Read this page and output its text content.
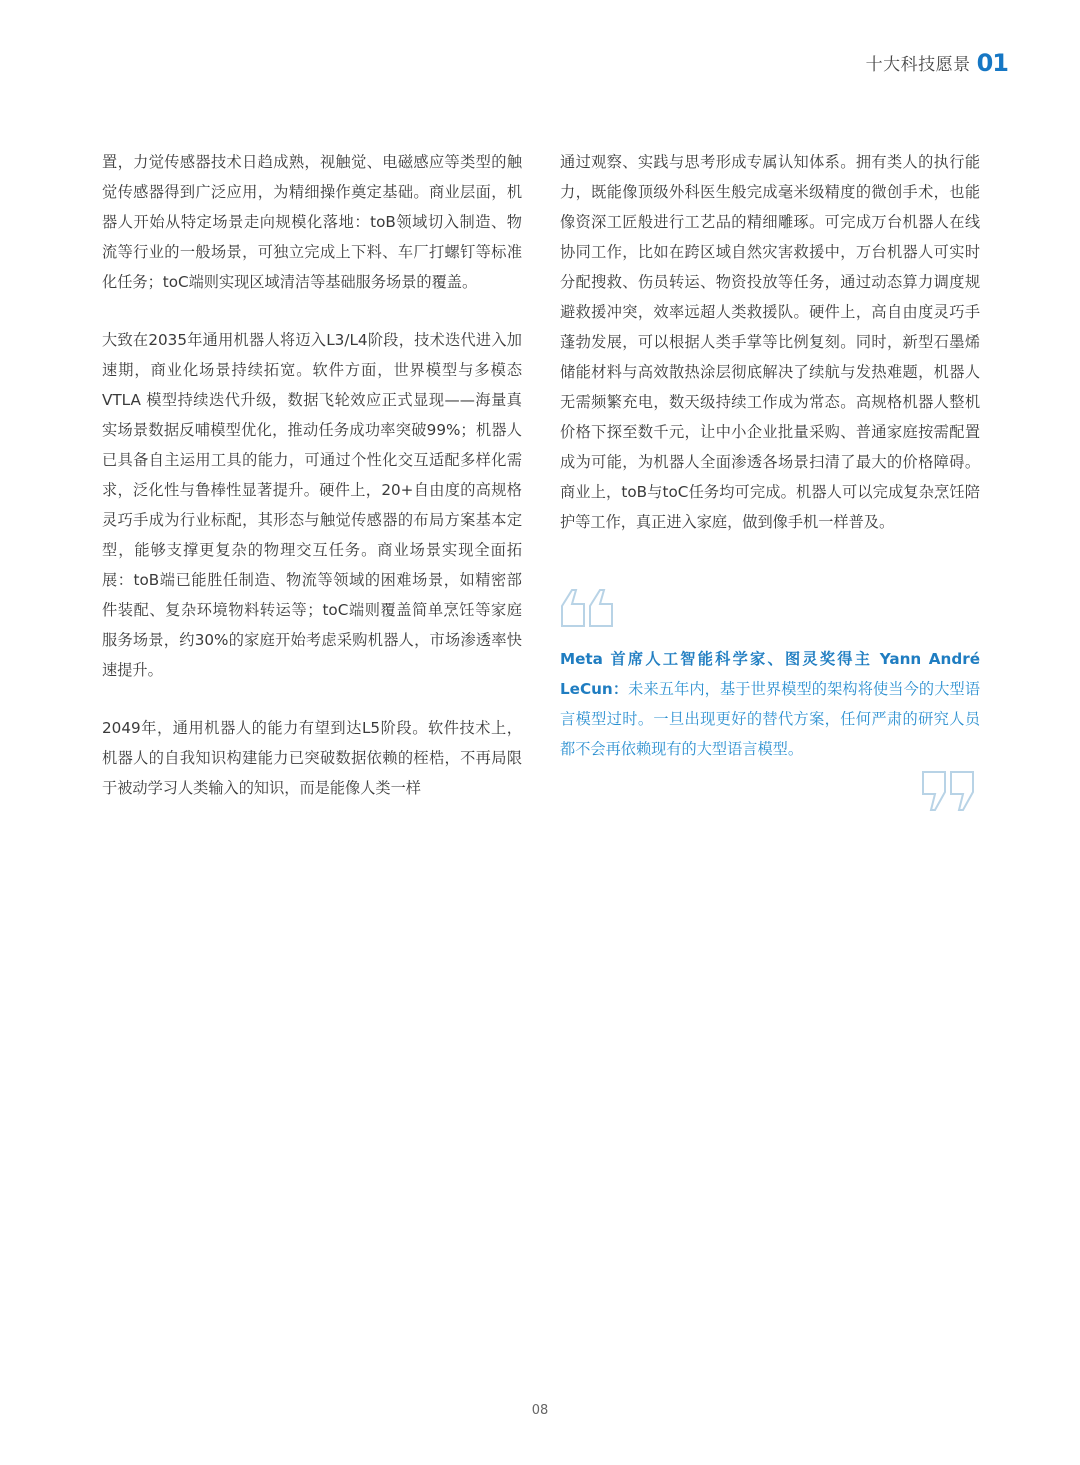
十大科技愿景 01

置，力觉传感器技术日趋成熟，视触觉、电磁感应等类型的触觉传感器得到广泛应用，为精细操作奠定基础。商业层面，机器人开始从特定场景走向规模化落地：toB领域切入制造、物流等行业的一般场景，可独立完成上下料、车厂打螺钉等标准化任务；toC端则实现区域清洁等基础服务场景的覆盖。

大致在2035年通用机器人将迈入L3/L4阶段，技术迭代进入加速期，商业化场景持续拓宽。软件方面，世界模型与多模态 VTLA 模型持续迭代升级，数据飞轮效应正式显现——海量真实场景数据反哺模型优化，推动任务成功率突破99%；机器人已具备自主运用工具的能力，可通过个性化交互适配多样化需求，泛化性与鲁棒性显著提升。硬件上，20+自由度的高规格灵巧手成为行业标配，其形态与触觉传感器的布局方案基本定型，能够支撑更复杂的物理交互任务。商业场景实现全面拓展：toB端已能胜任制造、物流等领域的困难场景，如精密部件装配、复杂环境物料转运等；toC端则覆盖简单烹饪等家庭服务场景，约30%的家庭开始考虑采购机器人，市场渗透率快速提升。

2049年，通用机器人的能力有望到达L5阶段。软件技术上，机器人的自我知识构建能力已突破数据依赖的桎梏，不再局限于被动学习人类输入的知识，而是能像人类一样

通过观察、实践与思考形成专属认知体系。拥有类人的执行能力，既能像顶级外科医生般完成毫米级精度的微创手术，也能像资深工匠般进行工艺品的精细雕琢。可完成万台机器人在线协同工作，比如在跨区域自然灾害救援中，万台机器人可实时分配搜救、伤员转运、物资投放等任务，通过动态算力调度规避救援冲突，效率远超人类救援队。硬件上，高自由度灵巧手蓬勃发展，可以根据人类手掌等比例复刻。同时，新型石墨烯储能材料与高效散热涂层彻底解决了续航与发热难题，机器人无需频繁充电，数天级持续工作成为常态。高规格机器人整机价格下探至数千元，让中小企业批量采购、普通家庭按需配置成为可能，为机器人全面渗透各场景扫清了最大的价格障碍。商业上，toB与toC任务均可完成。机器人可以完成复杂烹饪陪护等工作，真正进入家庭，做到像手机一样普及。

Meta 首席人工智能科学家、图灵奖得主 Yann André LeCun：未来五年内，基于世界模型的架构将使当今的大型语言模型过时。一旦出现更好的替代方案，任何严肃的研究人员都不会再依赖现有的大型语言模型。
08
